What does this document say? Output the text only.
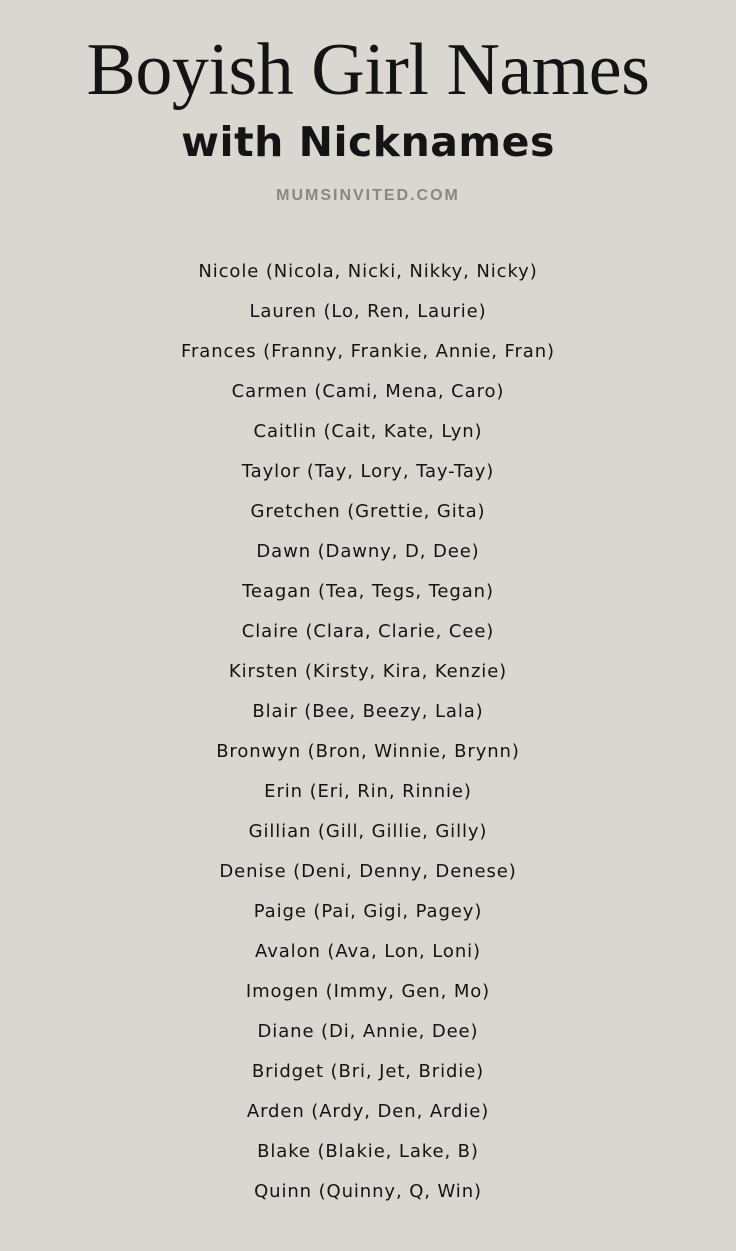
Boyish Girl Names
with Nicknames
MUMSINVITED.COM
Nicole (Nicola, Nicki, Nikky, Nicky)
Lauren (Lo, Ren, Laurie)
Frances (Franny, Frankie, Annie, Fran)
Carmen (Cami, Mena, Caro)
Caitlin (Cait, Kate, Lyn)
Taylor (Tay, Lory, Tay-Tay)
Gretchen (Grettie, Gita)
Dawn (Dawny, D, Dee)
Teagan (Tea, Tegs, Tegan)
Claire (Clara, Clarie, Cee)
Kirsten (Kirsty, Kira, Kenzie)
Blair (Bee, Beezy, Lala)
Bronwyn (Bron, Winnie, Brynn)
Erin (Eri, Rin, Rinnie)
Gillian (Gill, Gillie, Gilly)
Denise (Deni, Denny, Denese)
Paige (Pai, Gigi, Pagey)
Avalon (Ava, Lon, Loni)
Imogen (Immy, Gen, Mo)
Diane (Di, Annie, Dee)
Bridget (Bri, Jet, Bridie)
Arden (Ardy, Den, Ardie)
Blake (Blakie, Lake, B)
Quinn (Quinny, Q, Win)
